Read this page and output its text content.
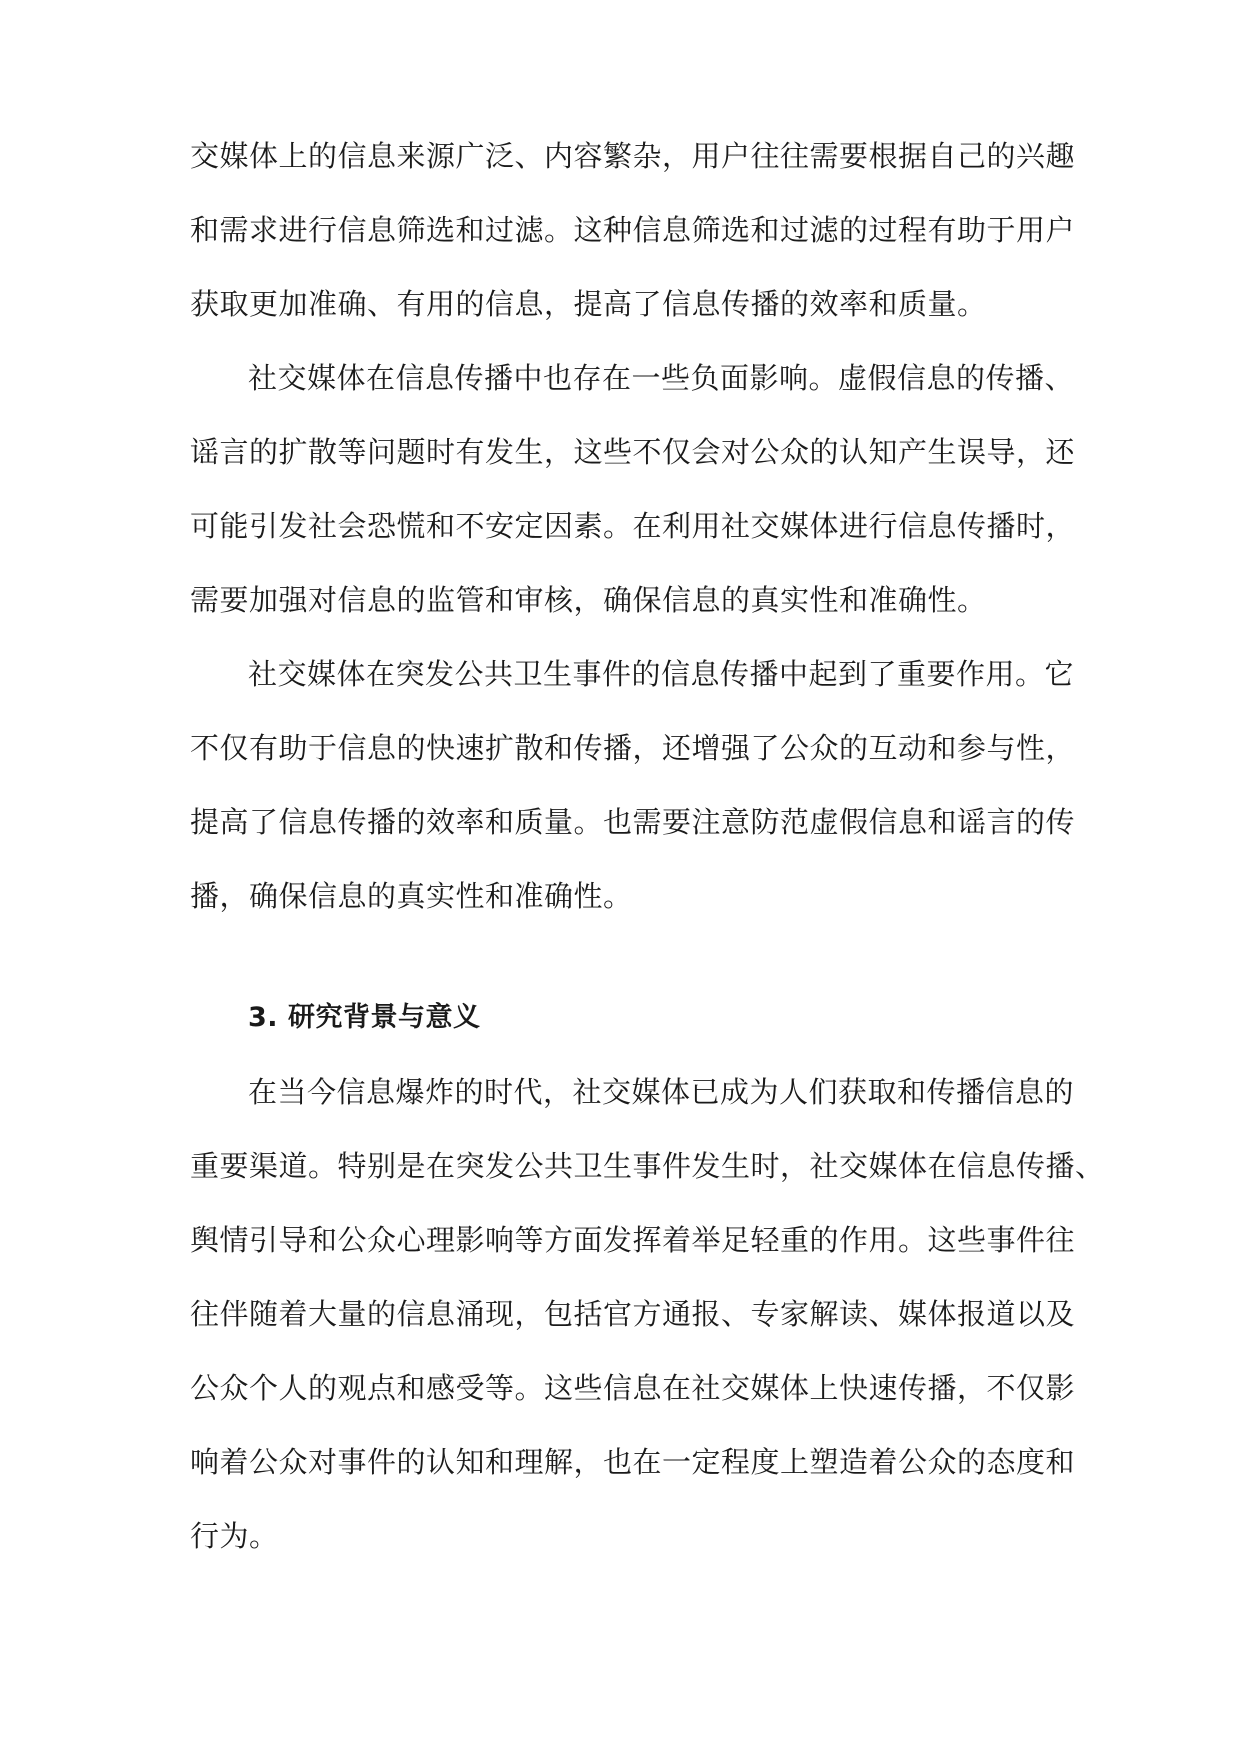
交媒体上的信息来源广泛、内容繁杂，用户往往需要根据自己的兴趣
和需求进行信息筛选和过滤。这种信息筛选和过滤的过程有助于用户
获取更加准确、有用的信息，提高了信息传播的效率和质量。
社交媒体在信息传播中也存在一些负面影响。虚假信息的传播、
谣言的扩散等问题时有发生，这些不仅会对公众的认知产生误导，还
可能引发社会恐慌和不安定因素。在利用社交媒体进行信息传播时，
需要加强对信息的监管和审核，确保信息的真实性和准确性。
社交媒体在突发公共卫生事件的信息传播中起到了重要作用。它
不仅有助于信息的快速扩散和传播，还增强了公众的互动和参与性，
提高了信息传播的效率和质量。也需要注意防范虚假信息和谣言的传
播，确保信息的真实性和准确性。
3. 研究背景与意义
在当今信息爆炸的时代，社交媒体已成为人们获取和传播信息的
重要渠道。特别是在突发公共卫生事件发生时，社交媒体在信息传播、
舆情引导和公众心理影响等方面发挥着举足轻重的作用。这些事件往
往伴随着大量的信息涌现，包括官方通报、专家解读、媒体报道以及
公众个人的观点和感受等。这些信息在社交媒体上快速传播，不仅影
响着公众对事件的认知和理解，也在一定程度上塑造着公众的态度和
行为。
